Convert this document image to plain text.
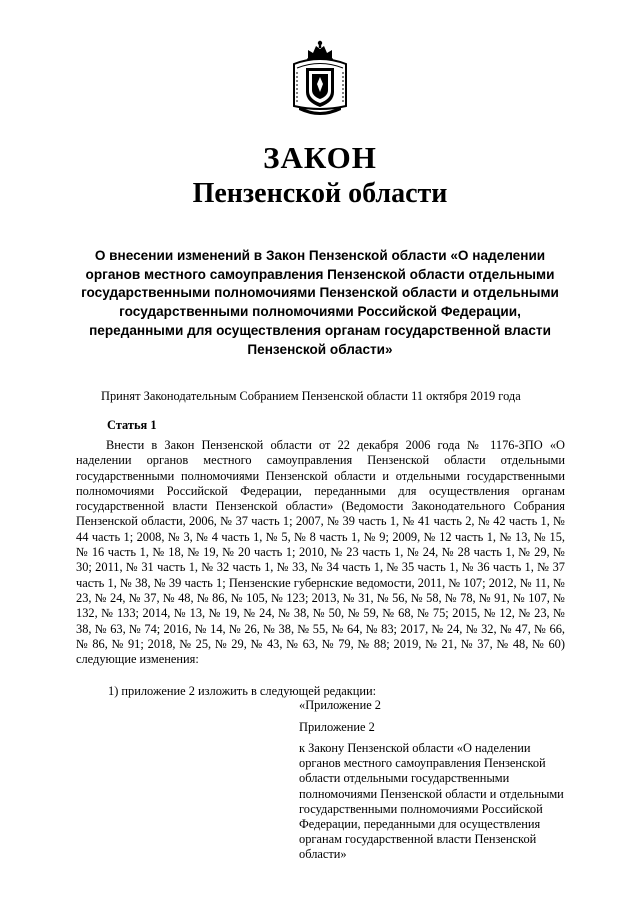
ЗАКОН
Пензенской области
О внесении изменений в Закон Пензенской области «О наделении органов местного самоуправления Пензенской области отдельными государственными полномочиями Пензенской области и отдельными государственными полномочиями Российской Федерации, переданными для осуществления органам государственной власти Пензенской области»
Принят Законодательным Собранием Пензенской области 11 октября 2019 года
Статья 1

Внести в Закон Пензенской области от 22 декабря 2006 года № 1176-ЗПО «О наделении органов местного самоуправления Пензенской области отдельными государственными полномочиями Пензенской области и отдельными государственными полномочиями Российской Федерации, переданными для осуществления органам государственной власти Пензенской области» (Ведомости Законодательного Собрания Пензенской области, 2006, № 37 часть 1; 2007, № 39 часть 1, № 41 часть 2, № 42 часть 1, № 44 часть 1; 2008, № 3, № 4 часть 1, № 5, № 8 часть 1, № 9; 2009, № 12 часть 1, № 13, № 15, № 16 часть 1, № 18, № 19, № 20 часть 1; 2010, № 23 часть 1, № 24, № 28 часть 1, № 29, № 30; 2011, № 31 часть 1, № 32 часть 1, № 33, № 34 часть 1, № 35 часть 1, № 36 часть 1, № 37 часть 1, № 38, № 39 часть 1; Пензенские губернские ведомости, 2011, № 107; 2012, № 11, № 23, № 24, № 37, № 48, № 86, № 105, № 123; 2013, № 31, № 56, № 58, № 78, № 91, № 107, № 132, № 133; 2014, № 13, № 19, № 24, № 38, № 50, № 59, № 68, № 75; 2015, № 12, № 23, № 38, № 63, № 74; 2016, № 14, № 26, № 38, № 55, № 64, № 83; 2017, № 24, № 32, № 47, № 66, № 86, № 91; 2018, № 25, № 29, № 43, № 63, № 79, № 88; 2019, № 21, № 37, № 48, № 60) следующие изменения:

1) приложение 2 изложить в следующей редакции:
«Приложение 2
Приложение 2

к Закону Пензенской области «О наделении органов местного самоуправления Пензенской области отдельными государственными полномочиями Пензенской области и отдельными государственными полномочиями Российской Федерации, переданными для осуществления органам государственной власти Пензенской области»
